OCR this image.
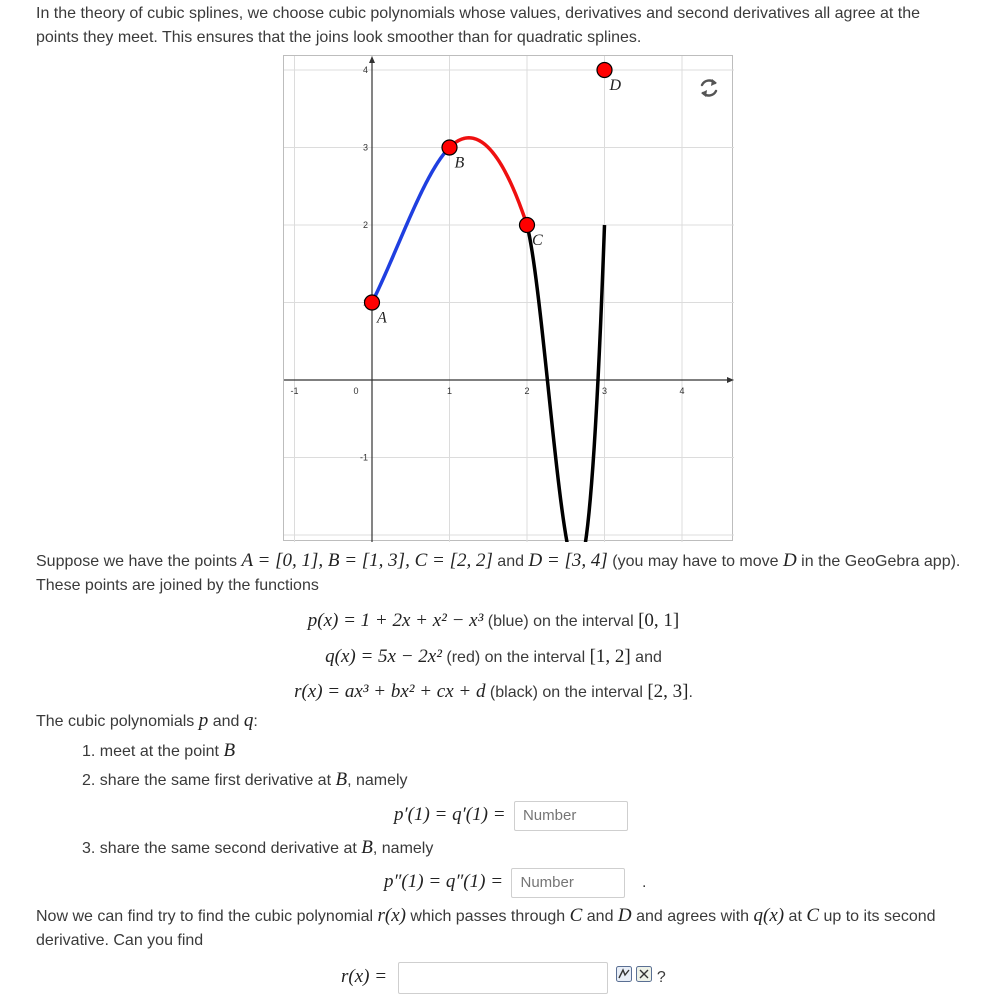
In the theory of cubic splines, we choose cubic polynomials whose values, derivatives and second derivatives all agree at the points they meet. This ensures that the joins look smoother than for quadratic splines.
-1	0	1	2	3	4
4
3
2
-1
A
B
C
D
Suppose we have the points A = [0, 1], B = [1, 3], C = [2, 2] and D = [3, 4] (you may have to move D in the GeoGebra app). These points are joined by the functions
p(x) = 1 + 2x + x² − x³ (blue) on the interval [0, 1]
q(x) = 5x − 2x² (red) on the interval [1, 2] and
r(x) = ax³ + bx² + cx + d (black) on the interval [2, 3].
The cubic polynomials p and q:
1. meet at the point B
2. share the same first derivative at B, namely
p′(1) = q′(1) = Number
3. share the same second derivative at B, namely
p″(1) = q″(1) = Number	.
Now we can find try to find the cubic polynomial r(x) which passes through C and D and agrees with q(x) at C up to its second derivative. Can you find
r(x) =	?
